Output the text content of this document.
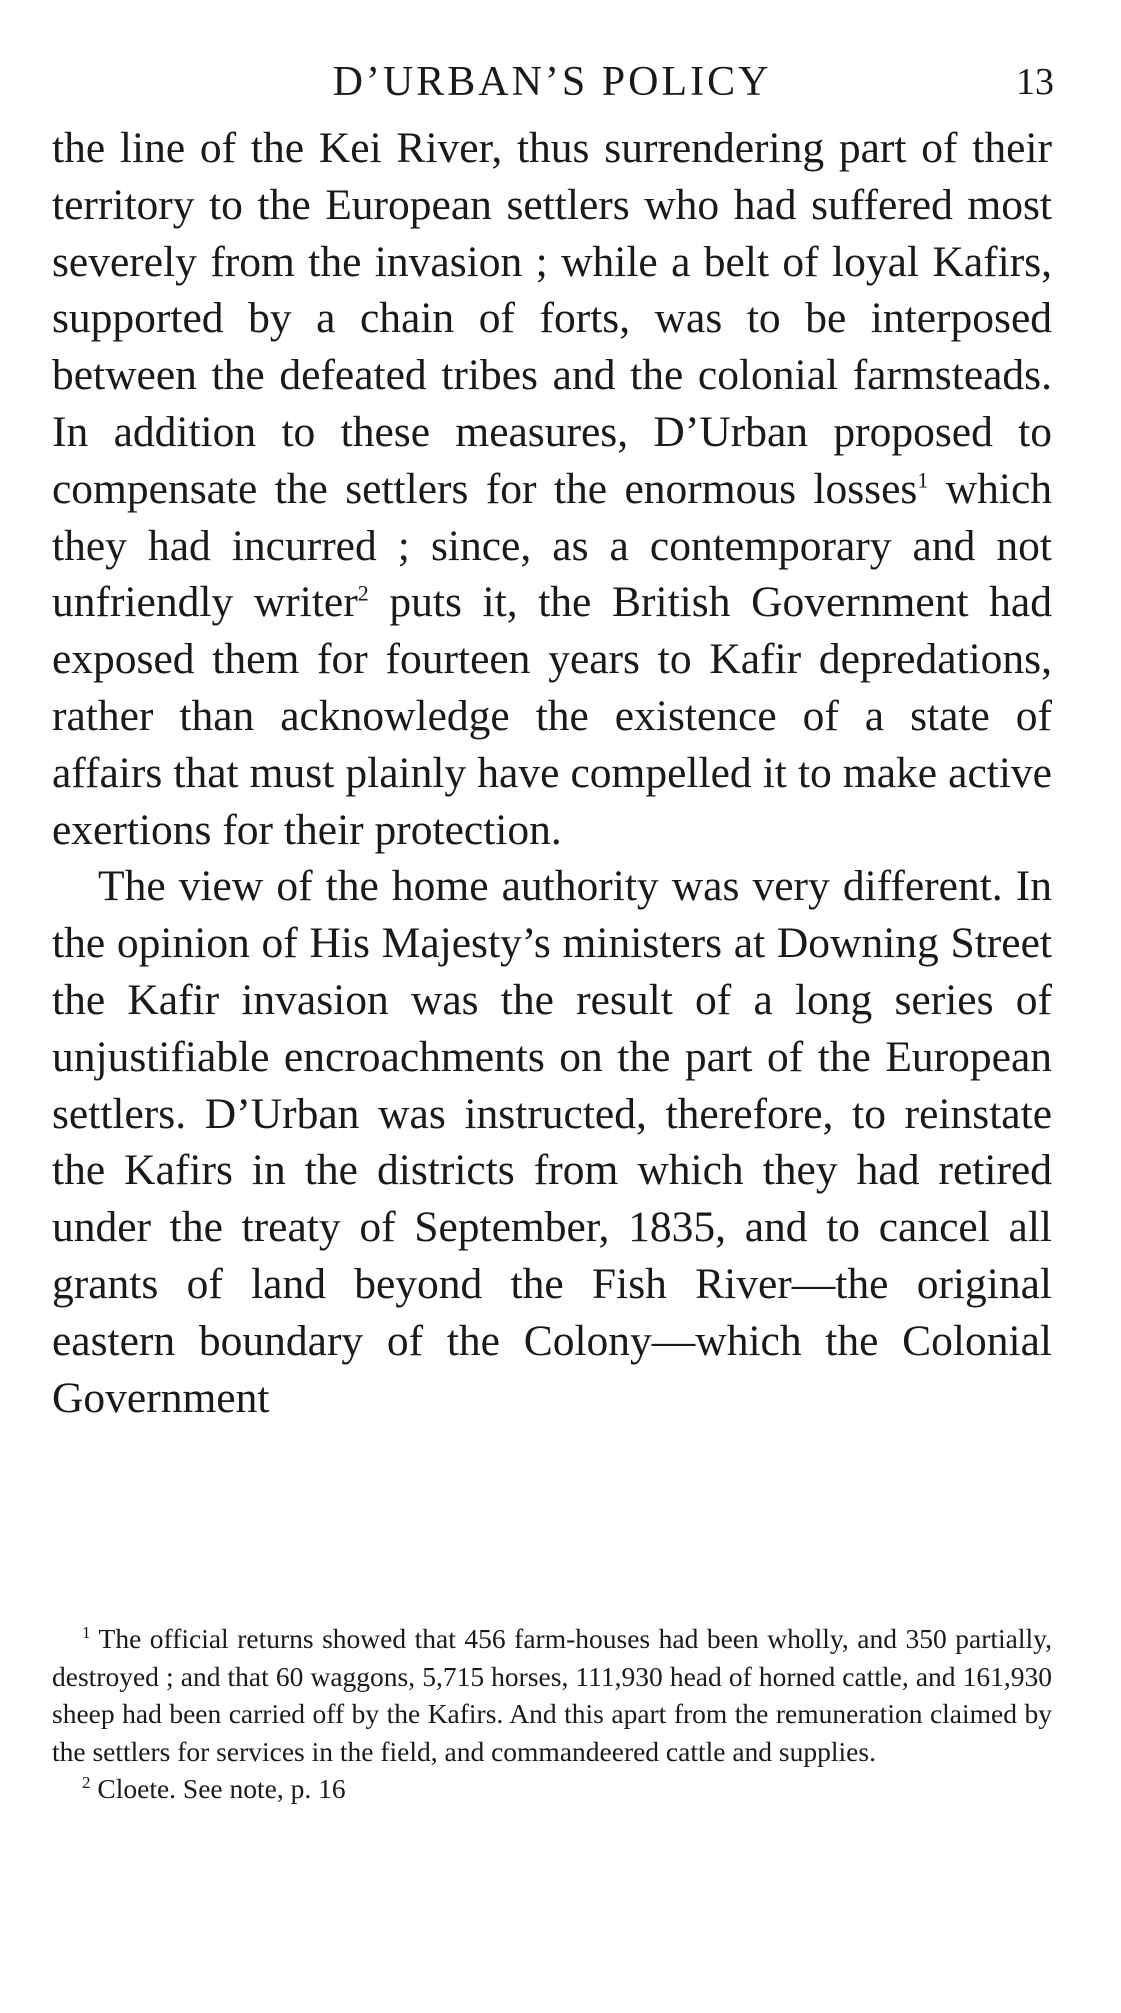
D’URBAN’S POLICY	13

the line of the Kei River, thus surrendering part of their territory to the European settlers who had suffered most severely from the invasion ; while a belt of loyal Kafirs, supported by a chain of forts, was to be interposed between the defeated tribes and the colonial farmsteads. In addition to these measures, D’Urban proposed to compensate the settlers for the enormous losses$^1$ which they had incurred ; since, as a contemporary and not unfriendly writer$^2$ puts it, the British Government had exposed them for fourteen years to Kafir depredations, rather than acknowledge the existence of a state of affairs that must plainly have compelled it to make active exertions for their protection.

The view of the home authority was very different. In the opinion of His Majesty’s ministers at Downing Street the Kafir invasion was the result of a long series of unjustifiable encroachments on the part of the European settlers. D’Urban was instructed, therefore, to reinstate the Kafirs in the districts from which they had retired under the treaty of September, 1835, and to cancel all grants of land beyond the Fish River—the original eastern boundary of the Colony—which the Colonial Government

$^1$ The official returns showed that 456 farm-houses had been wholly, and 350 partially, destroyed ; and that 60 waggons, 5,715 horses, 111,930 head of horned cattle, and 161,930 sheep had been carried off by the Kafirs. And this apart from the remuneration claimed by the settlers for services in the field, and commandeered cattle and supplies.

$^2$ Cloete. See note, p. 16
